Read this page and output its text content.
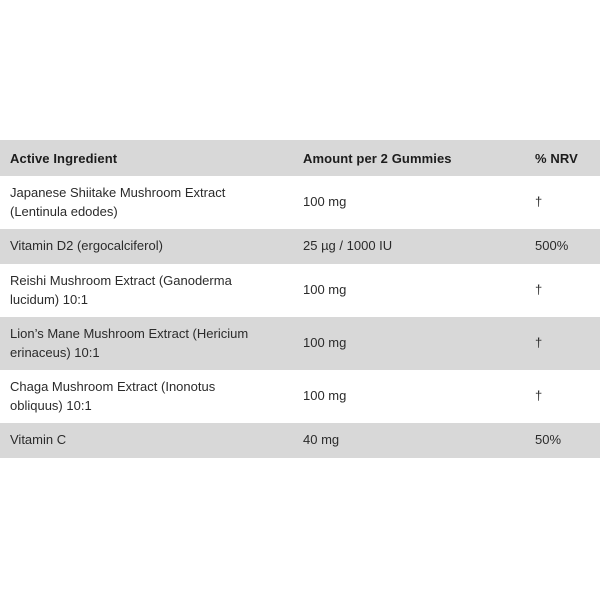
Active Ingredient	Amount per 2 Gummies	% NRV

Japanese Shiitake Mushroom Extract
(Lentinula edodes)	100 mg	†

Vitamin D2 (ergocalciferol)	25 µg / 1000 IU	500%

Reishi Mushroom Extract (Ganoderma
lucidum) 10:1	100 mg	†

Lion’s Mane Mushroom Extract (Hericium
erinaceus) 10:1	100 mg	†

Chaga Mushroom Extract (Inonotus
obliquus) 10:1	100 mg	†

Vitamin C	40 mg	50%
